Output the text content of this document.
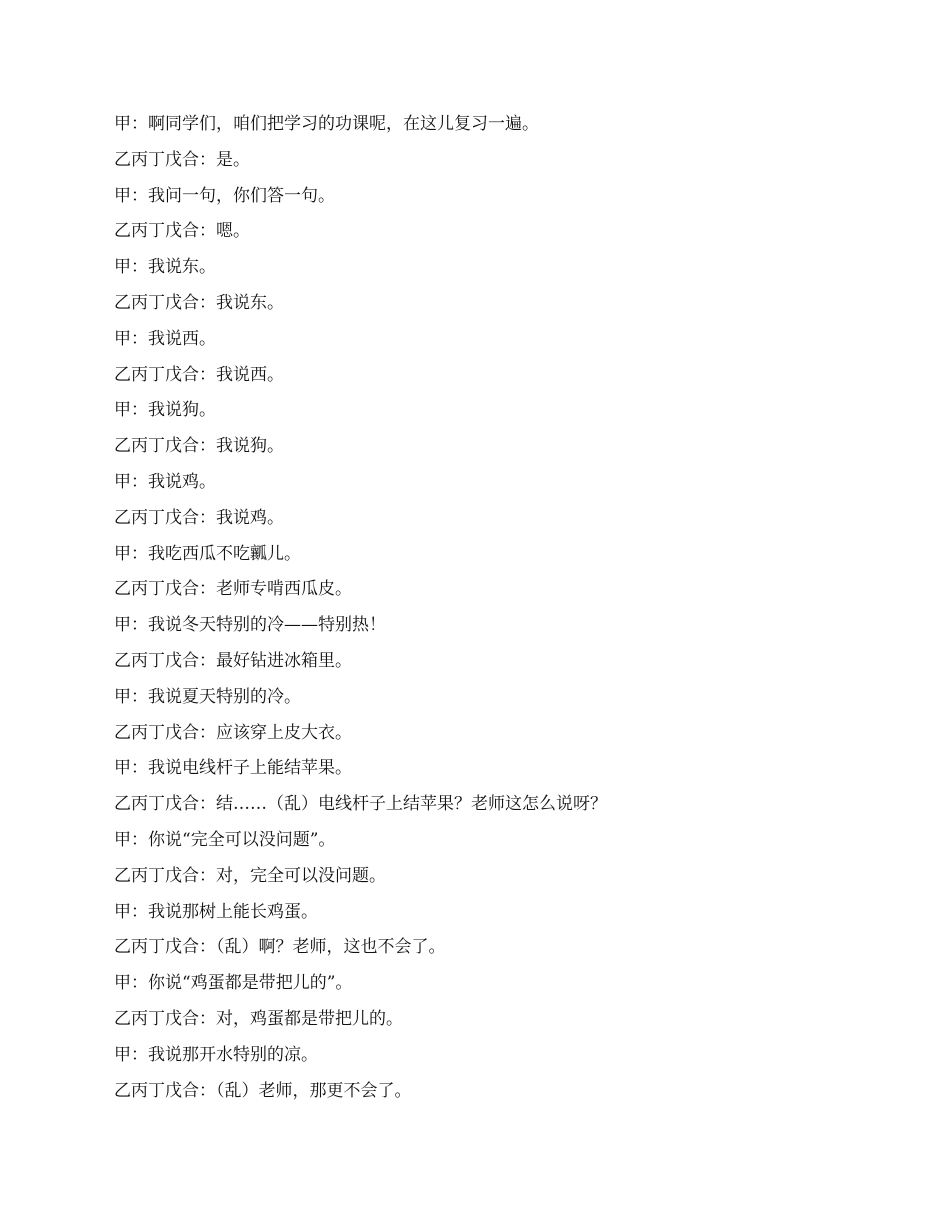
甲：啊同学们，咱们把学习的功课呢，在这儿复习一遍。
乙丙丁戊合：是。
甲：我问一句，你们答一句。
乙丙丁戊合：嗯。
甲：我说东。
乙丙丁戊合：我说东。
甲：我说西。
乙丙丁戊合：我说西。
甲：我说狗。
乙丙丁戊合：我说狗。
甲：我说鸡。
乙丙丁戊合：我说鸡。
甲：我吃西瓜不吃瓤儿。
乙丙丁戊合：老师专啃西瓜皮。
甲：我说冬天特别的冷——特别热！
乙丙丁戊合：最好钻进冰箱里。
甲：我说夏天特别的冷。
乙丙丁戊合：应该穿上皮大衣。
甲：我说电线杆子上能结苹果。
乙丙丁戊合：结……（乱）电线杆子上结苹果？老师这怎么说呀？
甲：你说“完全可以没问题”。
乙丙丁戊合：对，完全可以没问题。
甲：我说那树上能长鸡蛋。
乙丙丁戊合：（乱）啊？老师，这也不会了。
甲：你说“鸡蛋都是带把儿的”。
乙丙丁戊合：对，鸡蛋都是带把儿的。
甲：我说那开水特别的凉。
乙丙丁戊合：（乱）老师，那更不会了。
